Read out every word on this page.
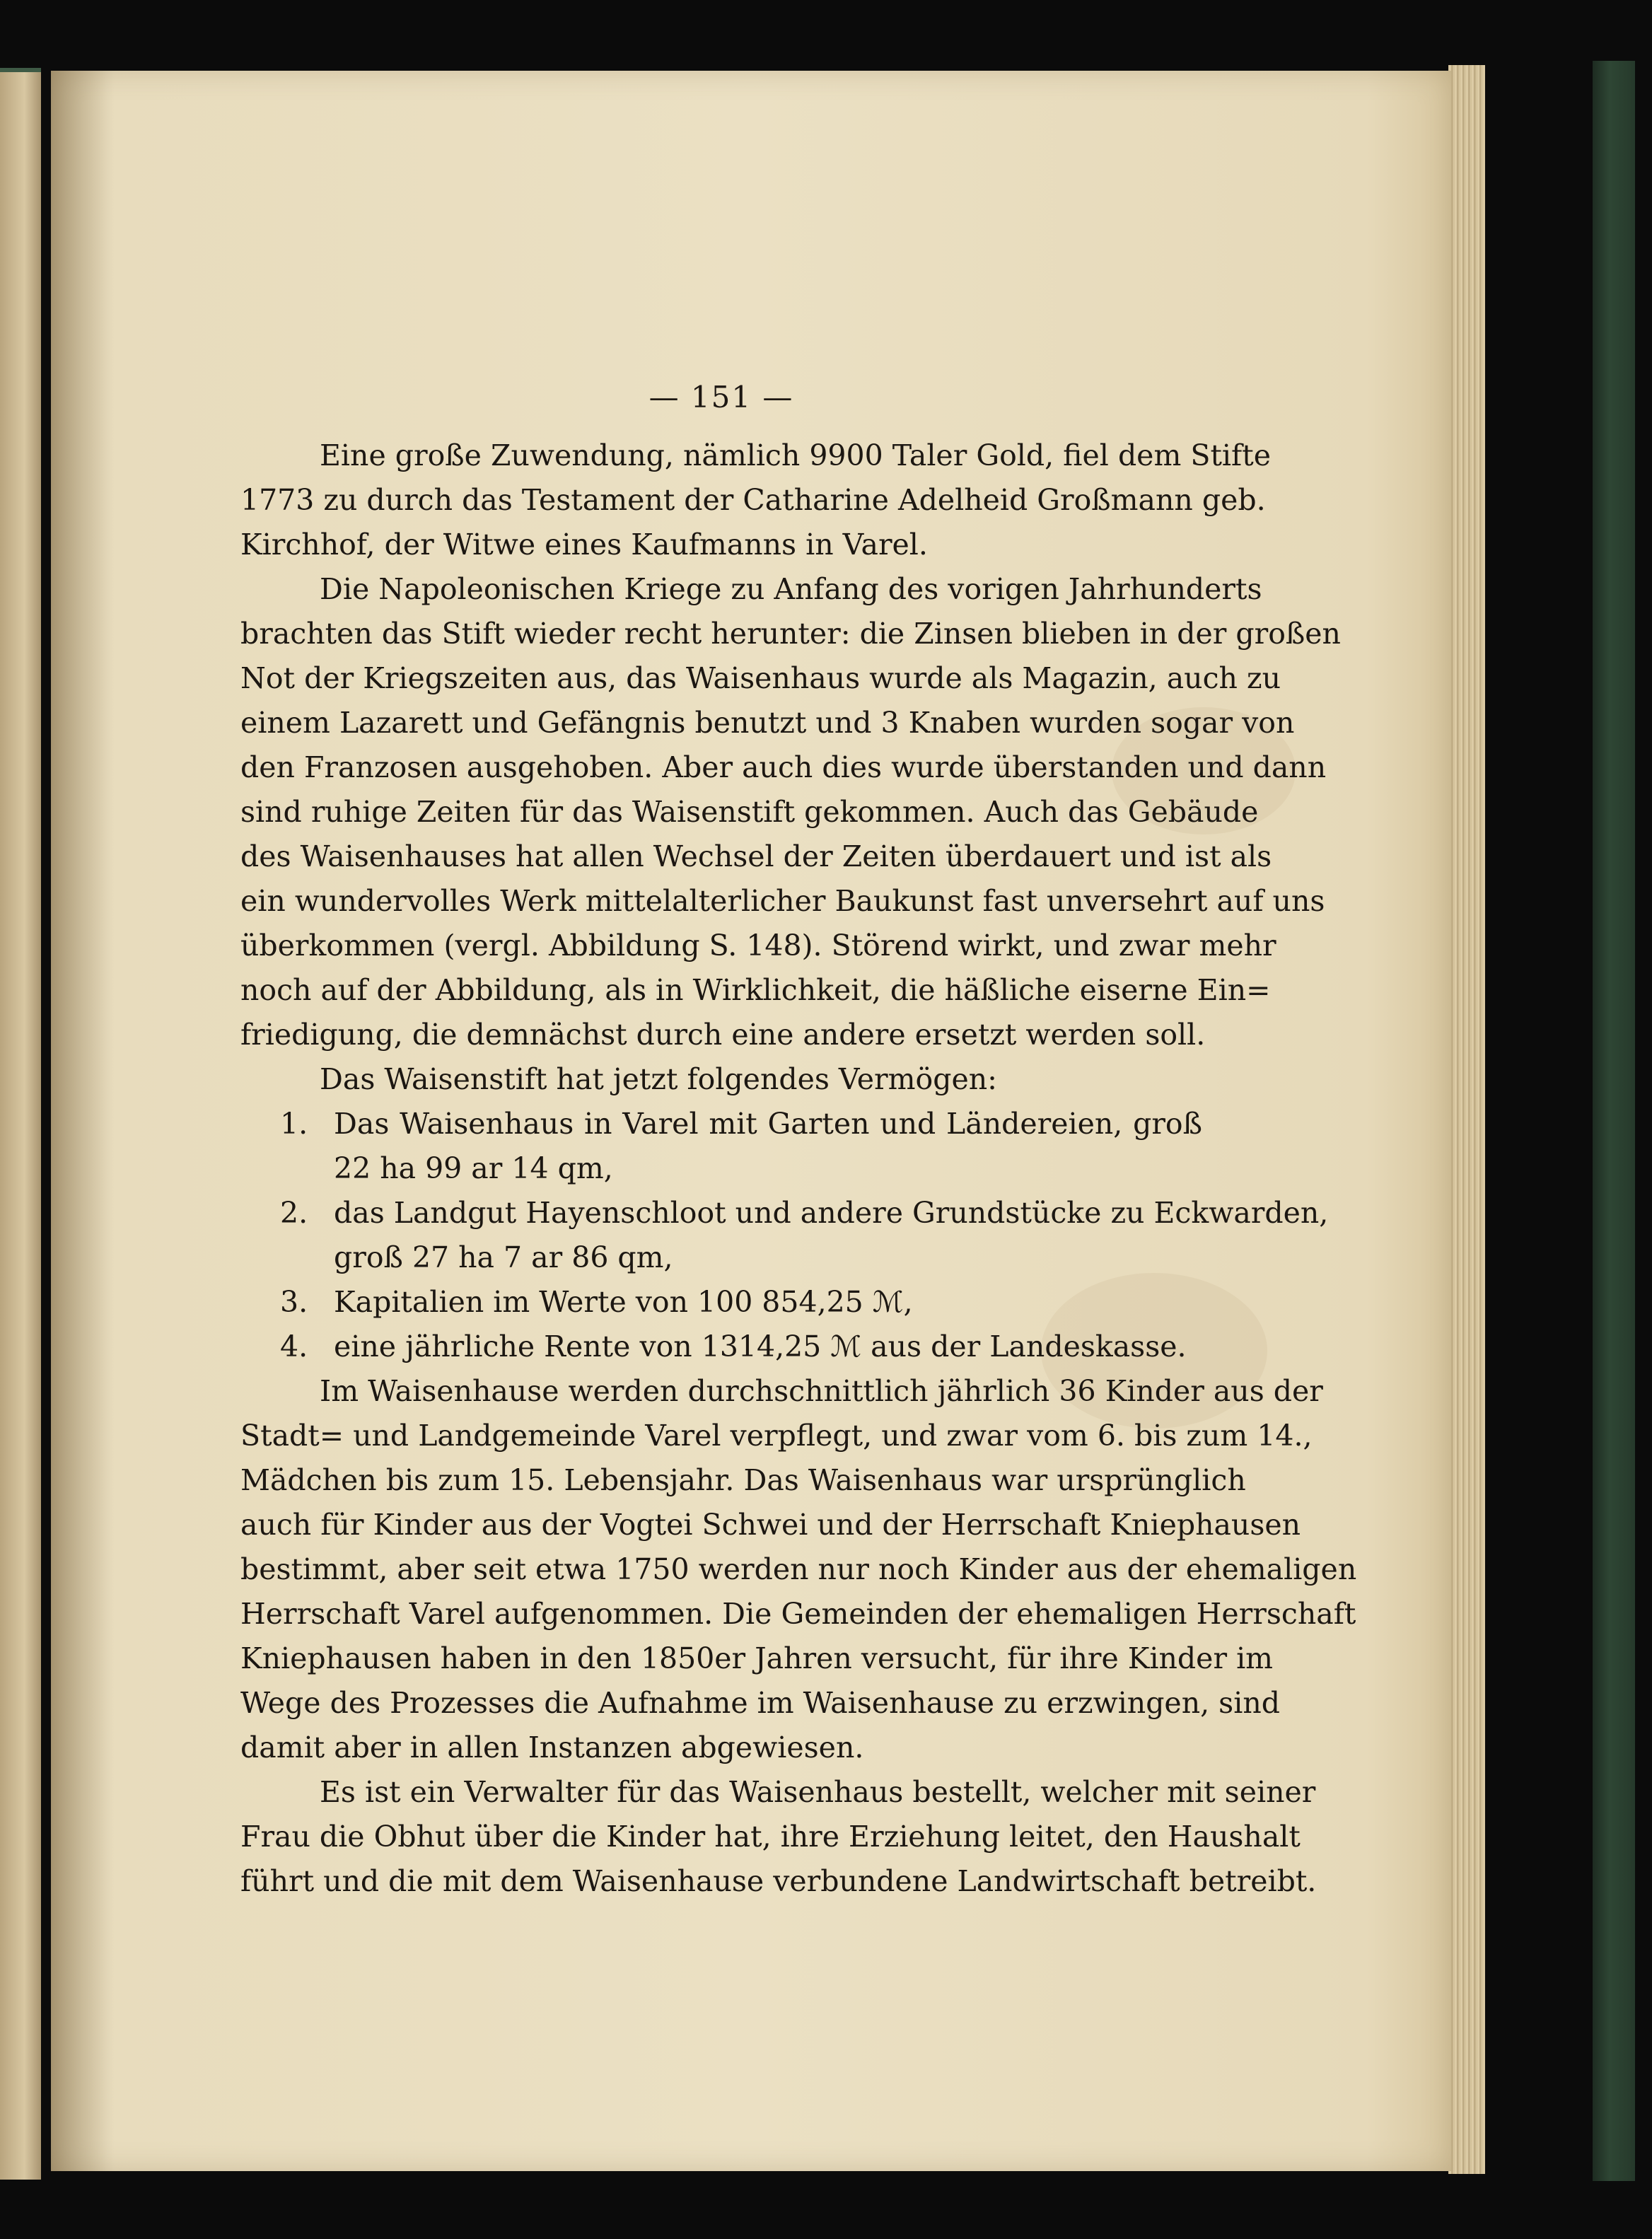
— 151 —
Eine große Zuwendung, nämlich 9900 Taler Gold, fiel dem Stifte
1773 zu durch das Testament der Catharine Adelheid Großmann geb.
Kirchhof, der Witwe eines Kaufmanns in Varel.
Die Napoleonischen Kriege zu Anfang des vorigen Jahrhunderts
brachten das Stift wieder recht herunter: die Zinsen blieben in der großen
Not der Kriegszeiten aus, das Waisenhaus wurde als Magazin, auch zu
einem Lazarett und Gefängnis benutzt und 3 Knaben wurden sogar von
den Franzosen ausgehoben. Aber auch dies wurde überstanden und dann
sind ruhige Zeiten für das Waisenstift gekommen. Auch das Gebäude
des Waisenhauses hat allen Wechsel der Zeiten überdauert und ist als
ein wundervolles Werk mittelalterlicher Baukunst fast unversehrt auf uns
überkommen (vergl. Abbildung S. 148). Störend wirkt, und zwar mehr
noch auf der Abbildung, als in Wirklichkeit, die häßliche eiserne Ein=
friedigung, die demnächst durch eine andere ersetzt werden soll.
Das Waisenstift hat jetzt folgendes Vermögen:
1. Das Waisenhaus in Varel mit Garten und Ländereien, groß
22 ha 99 ar 14 qm,
2. das Landgut Hayenschloot und andere Grundstücke zu Eckwarden,
groß 27 ha 7 ar 86 qm,
3. Kapitalien im Werte von 100 854,25 ℳ,
4. eine jährliche Rente von 1314,25 ℳ aus der Landeskasse.
Im Waisenhause werden durchschnittlich jährlich 36 Kinder aus der
Stadt= und Landgemeinde Varel verpflegt, und zwar vom 6. bis zum 14.,
Mädchen bis zum 15. Lebensjahr. Das Waisenhaus war ursprünglich
auch für Kinder aus der Vogtei Schwei und der Herrschaft Kniephausen
bestimmt, aber seit etwa 1750 werden nur noch Kinder aus der ehemaligen
Herrschaft Varel aufgenommen. Die Gemeinden der ehemaligen Herrschaft
Kniephausen haben in den 1850er Jahren versucht, für ihre Kinder im
Wege des Prozesses die Aufnahme im Waisenhause zu erzwingen, sind
damit aber in allen Instanzen abgewiesen.
Es ist ein Verwalter für das Waisenhaus bestellt, welcher mit seiner
Frau die Obhut über die Kinder hat, ihre Erziehung leitet, den Haushalt
führt und die mit dem Waisenhause verbundene Landwirtschaft betreibt.
